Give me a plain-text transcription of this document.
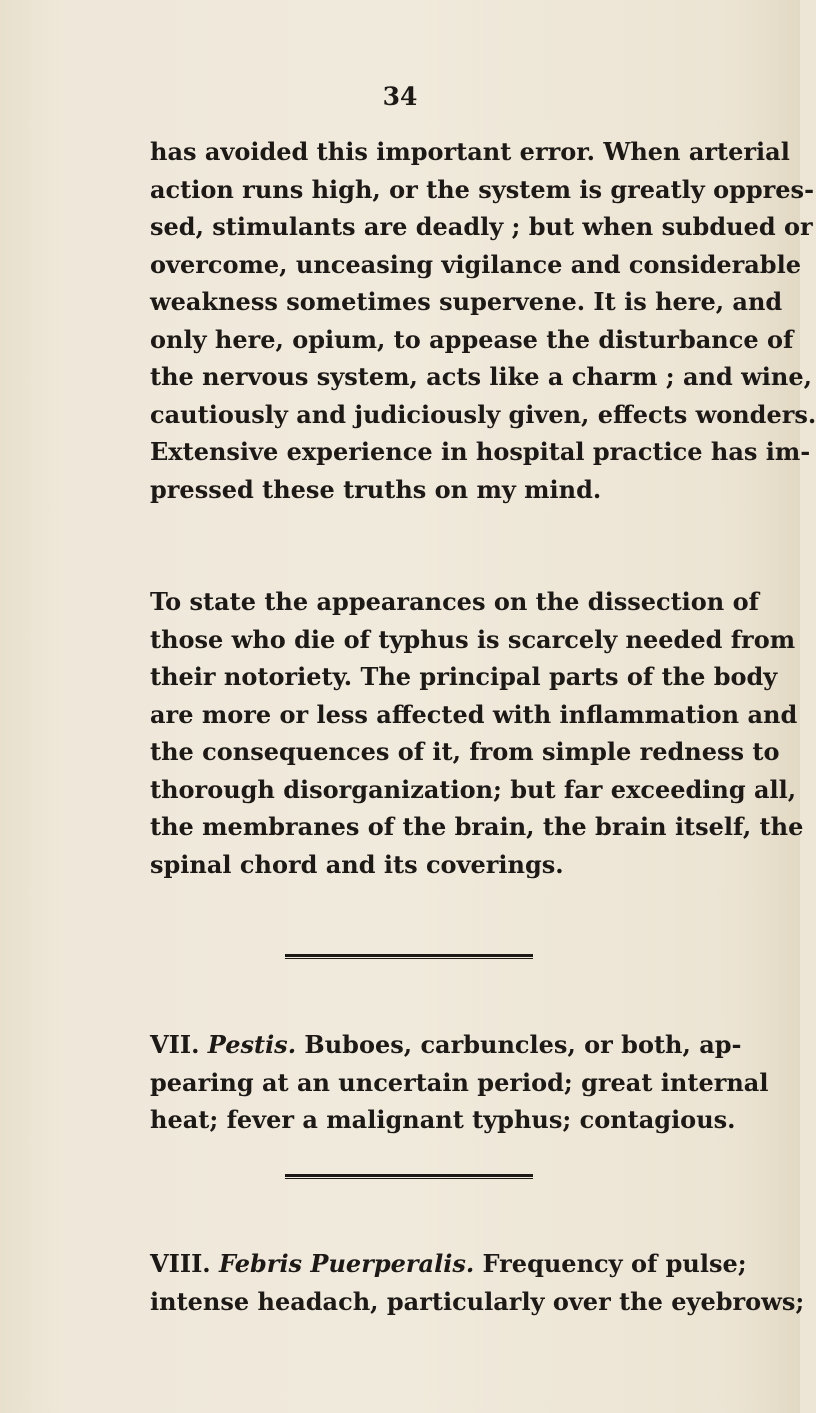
34

has avoided this important error. When arterial
action runs high, or the system is greatly oppres-
sed, stimulants are deadly ; but when subdued or
overcome, unceasing vigilance and considerable
weakness sometimes supervene. It is here, and
only here, opium, to appease the disturbance of
the nervous system, acts like a charm ; and wine,
cautiously and judiciously given, effects wonders.
Extensive experience in hospital practice has im-
pressed these truths on my mind.

To state the appearances on the dissection of
those who die of typhus is scarcely needed from
their notoriety. The principal parts of the body
are more or less affected with inflammation and
the consequences of it, from simple redness to
thorough disorganization; but far exceeding all,
the membranes of the brain, the brain itself, the
spinal chord and its coverings.

VII. Pestis. Buboes, carbuncles, or both, ap-
pearing at an uncertain period; great internal
heat; fever a malignant typhus; contagious.

VIII. Febris Puerperalis. Frequency of pulse;
intense headach, particularly over the eyebrows;
